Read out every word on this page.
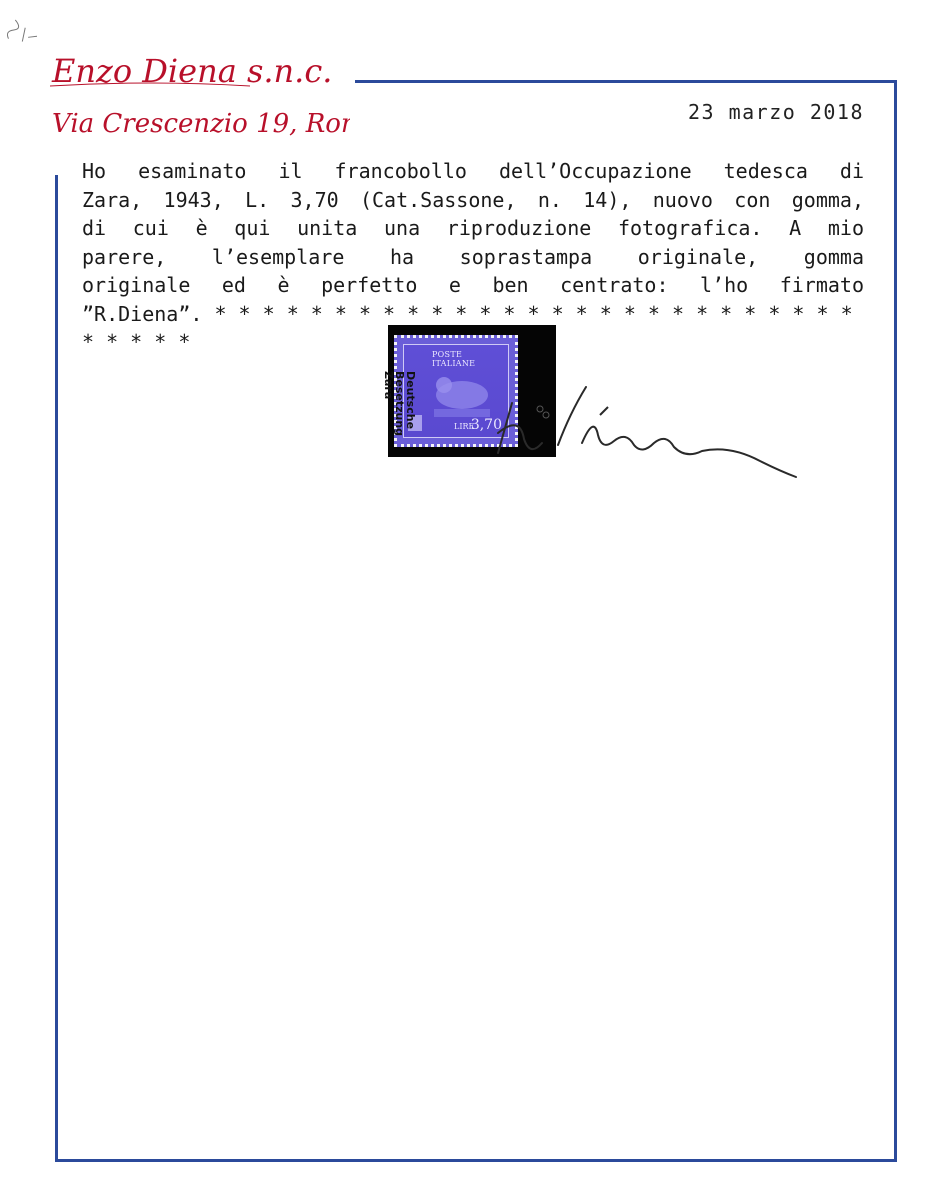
Enzo Diena s.n.c.
Via Crescenzio 19, Roma	23 marzo 2018
Ho esaminato il francobollo dell’Occupazione tedesca di
Zara, 1943, L. 3,70 (Cat.Sassone, n. 14), nuovo con gomma,
di cui è qui unita una riproduzione fotografica. A mio
parere, l’esemplare ha soprastampa originale, gomma
originale ed è perfetto e ben centrato: l’ho firmato
”R.Diena”. * * * * * * * * * * * * * * * * * * * * * * * * * * * * * * * *
POSTE ITALIANE
LIRE
3,70
Deutsche Besetzung Zara
